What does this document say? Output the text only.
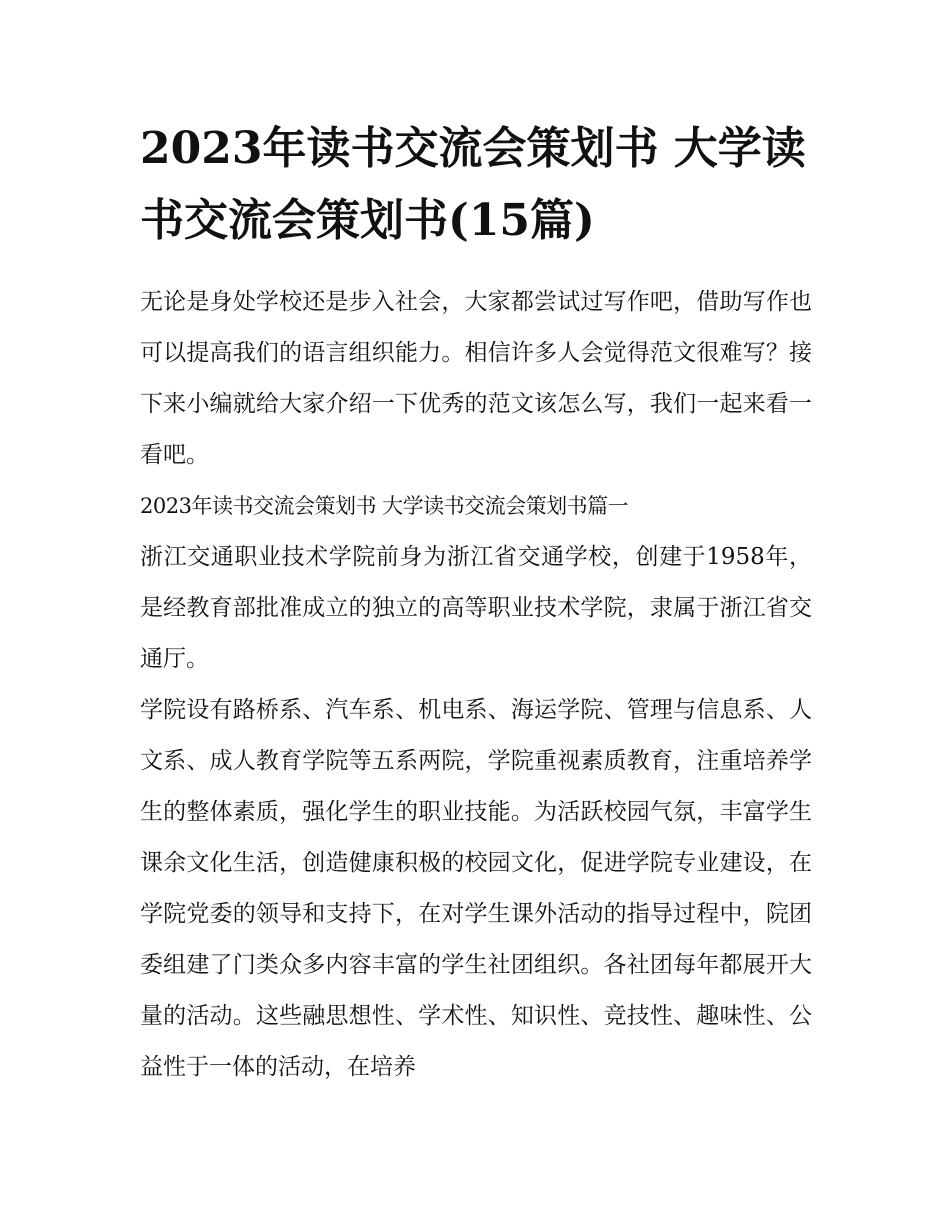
2023年读书交流会策划书 大学读书交流会策划书(15篇)

无论是身处学校还是步入社会，大家都尝试过写作吧，借助写作也可以提高我们的语言组织能力。相信许多人会觉得范文很难写？接下来小编就给大家介绍一下优秀的范文该怎么写，我们一起来看一看吧。

2023年读书交流会策划书 大学读书交流会策划书篇一

浙江交通职业技术学院前身为浙江省交通学校，创建于1958年，是经教育部批准成立的独立的高等职业技术学院，隶属于浙江省交通厅。

学院设有路桥系、汽车系、机电系、海运学院、管理与信息系、人文系、成人教育学院等五系两院，学院重视素质教育，注重培养学生的整体素质，强化学生的职业技能。为活跃校园气氛，丰富学生课余文化生活，创造健康积极的校园文化，促进学院专业建设，在学院党委的领导和支持下，在对学生课外活动的指导过程中，院团委组建了门类众多内容丰富的学生社团组织。各社团每年都展开大量的活动。这些融思想性、学术性、知识性、竞技性、趣味性、公益性于一体的活动，在培养
